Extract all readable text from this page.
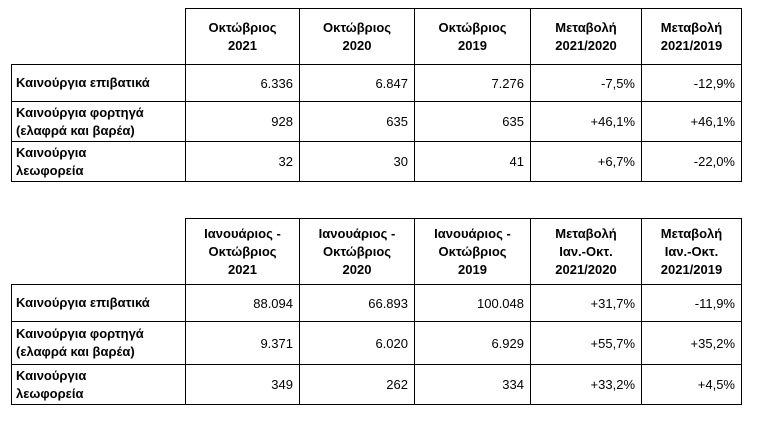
	Οκτώβριος
2021	Οκτώβριος
2020	Οκτώβριος
2019	Μεταβολή
2021/2020	Μεταβολή
2021/2019

Καινούργια επιβατικά	6.336	6.847	7.276	-7,5%	-12,9%

Καινούργια φορτηγά
(ελαφρά και βαρέα)	928	635	635	+46,1%	+46,1%

Καινούργια
λεωφορεία	32	30	41	+6,7%	-22,0%

	Ιανουάριος -
Οκτώβριος
2021	Ιανουάριος -
Οκτώβριος
2020	Ιανουάριος -
Οκτώβριος
2019	Μεταβολή
Ιαν.-Οκτ.
2021/2020	Μεταβολή
Ιαν.-Οκτ.
2021/2019

Καινούργια επιβατικά	88.094	66.893	100.048	+31,7%	-11,9%

Καινούργια φορτηγά
(ελαφρά και βαρέα)	9.371	6.020	6.929	+55,7%	+35,2%

Καινούργια
λεωφορεία	349	262	334	+33,2%	+4,5%
